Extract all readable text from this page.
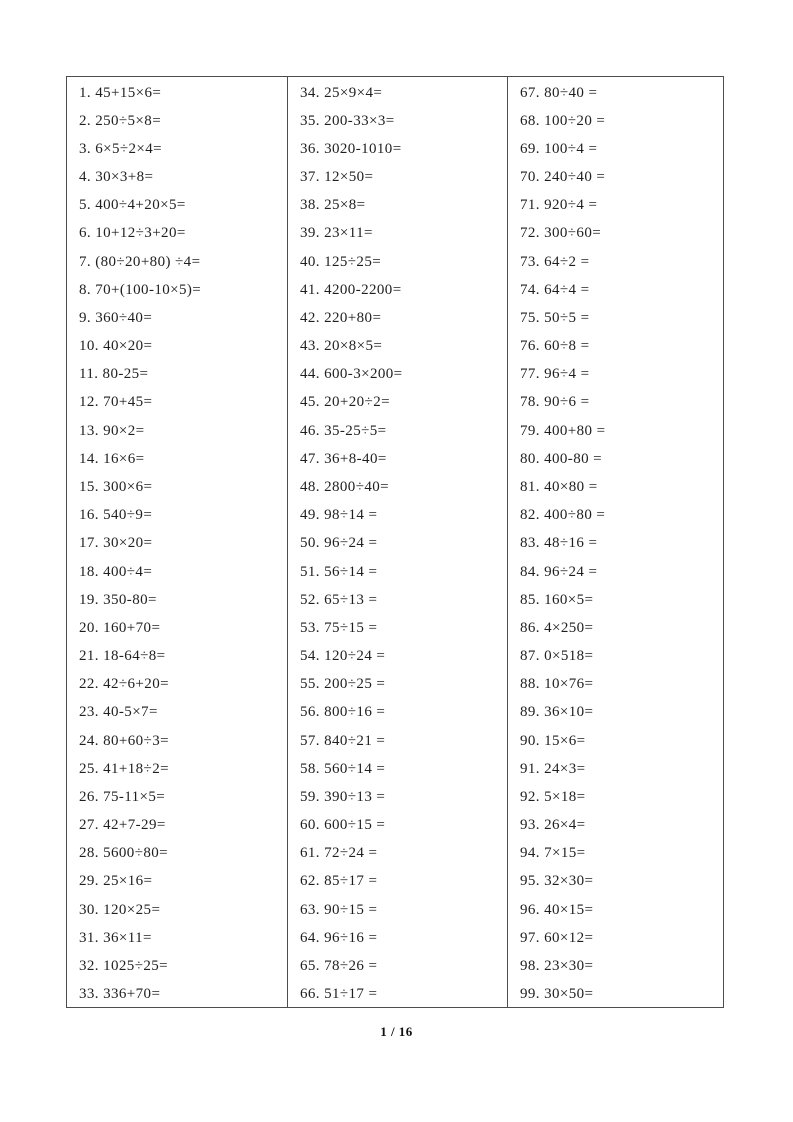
1. 45+15×6=
2. 250÷5×8=
3. 6×5÷2×4=
4. 30×3+8=
5. 400÷4+20×5=
6. 10+12÷3+20=
7. (80÷20+80) ÷4=
8. 70+(100-10×5)=
9. 360÷40=
10. 40×20=
11. 80-25=
12. 70+45=
13. 90×2=
14. 16×6=
15. 300×6=
16. 540÷9=
17. 30×20=
18. 400÷4=
19. 350-80=
20. 160+70=
21. 18-64÷8=
22. 42÷6+20=
23. 40-5×7=
24. 80+60÷3=
25. 41+18÷2=
26. 75-11×5=
27. 42+7-29=
28. 5600÷80=
29. 25×16=
30. 120×25=
31. 36×11=
32. 1025÷25=
33. 336+70=
34. 25×9×4=
35. 200-33×3=
36. 3020-1010=
37. 12×50=
38. 25×8=
39. 23×11=
40. 125÷25=
41. 4200-2200=
42. 220+80=
43. 20×8×5=
44. 600-3×200=
45. 20+20÷2=
46. 35-25÷5=
47. 36+8-40=
48. 2800÷40=
49. 98÷14 =
50. 96÷24 =
51. 56÷14 =
52. 65÷13 =
53. 75÷15 =
54. 120÷24 =
55. 200÷25 =
56. 800÷16 =
57. 840÷21 =
58. 560÷14 =
59. 390÷13 =
60. 600÷15 =
61. 72÷24 =
62. 85÷17 =
63. 90÷15 =
64. 96÷16 =
65. 78÷26 =
66. 51÷17 =
67. 80÷40 =
68. 100÷20 =
69. 100÷4 =
70. 240÷40 =
71. 920÷4 =
72. 300÷60=
73. 64÷2 =
74. 64÷4 =
75. 50÷5 =
76. 60÷8 =
77. 96÷4 =
78. 90÷6 =
79. 400+80 =
80. 400-80 =
81. 40×80 =
82. 400÷80 =
83. 48÷16 =
84. 96÷24 =
85. 160×5=
86. 4×250=
87. 0×518=
88. 10×76=
89. 36×10=
90. 15×6=
91. 24×3=
92. 5×18=
93. 26×4=
94. 7×15=
95. 32×30=
96. 40×15=
97. 60×12=
98. 23×30=
99. 30×50=
1 / 16
